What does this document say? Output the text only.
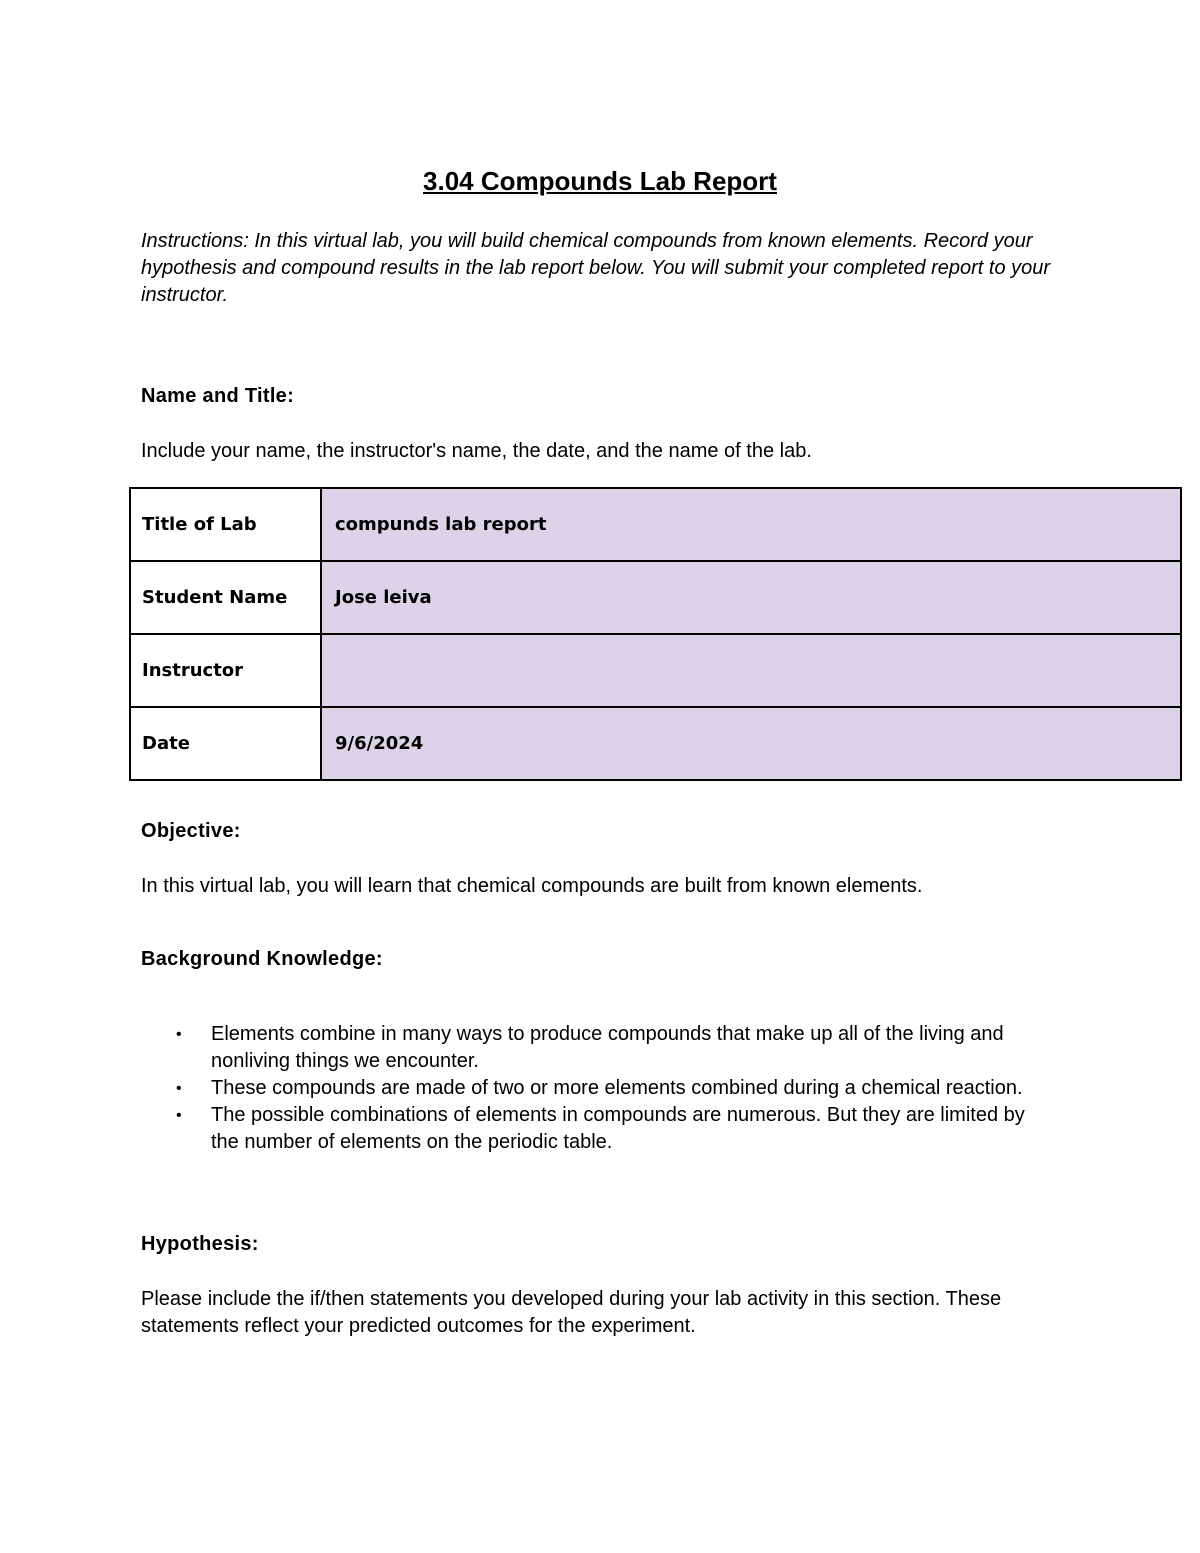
3.04 Compounds Lab Report
Instructions: In this virtual lab, you will build chemical compounds from known elements. Record your hypothesis and compound results in the lab report below. You will submit your completed report to your instructor.
Name and Title:
Include your name, the instructor's name, the date, and the name of the lab.
Title of Lab	compunds lab report
Student Name	Jose leiva
Instructor	
Date	9/6/2024
Objective:
In this virtual lab, you will learn that chemical compounds are built from known elements.
Background Knowledge:
• Elements combine in many ways to produce compounds that make up all of the living and nonliving things we encounter.
• These compounds are made of two or more elements combined during a chemical reaction.
• The possible combinations of elements in compounds are numerous. But they are limited by the number of elements on the periodic table.
Hypothesis:
Please include the if/then statements you developed during your lab activity in this section. These statements reflect your predicted outcomes for the experiment.
